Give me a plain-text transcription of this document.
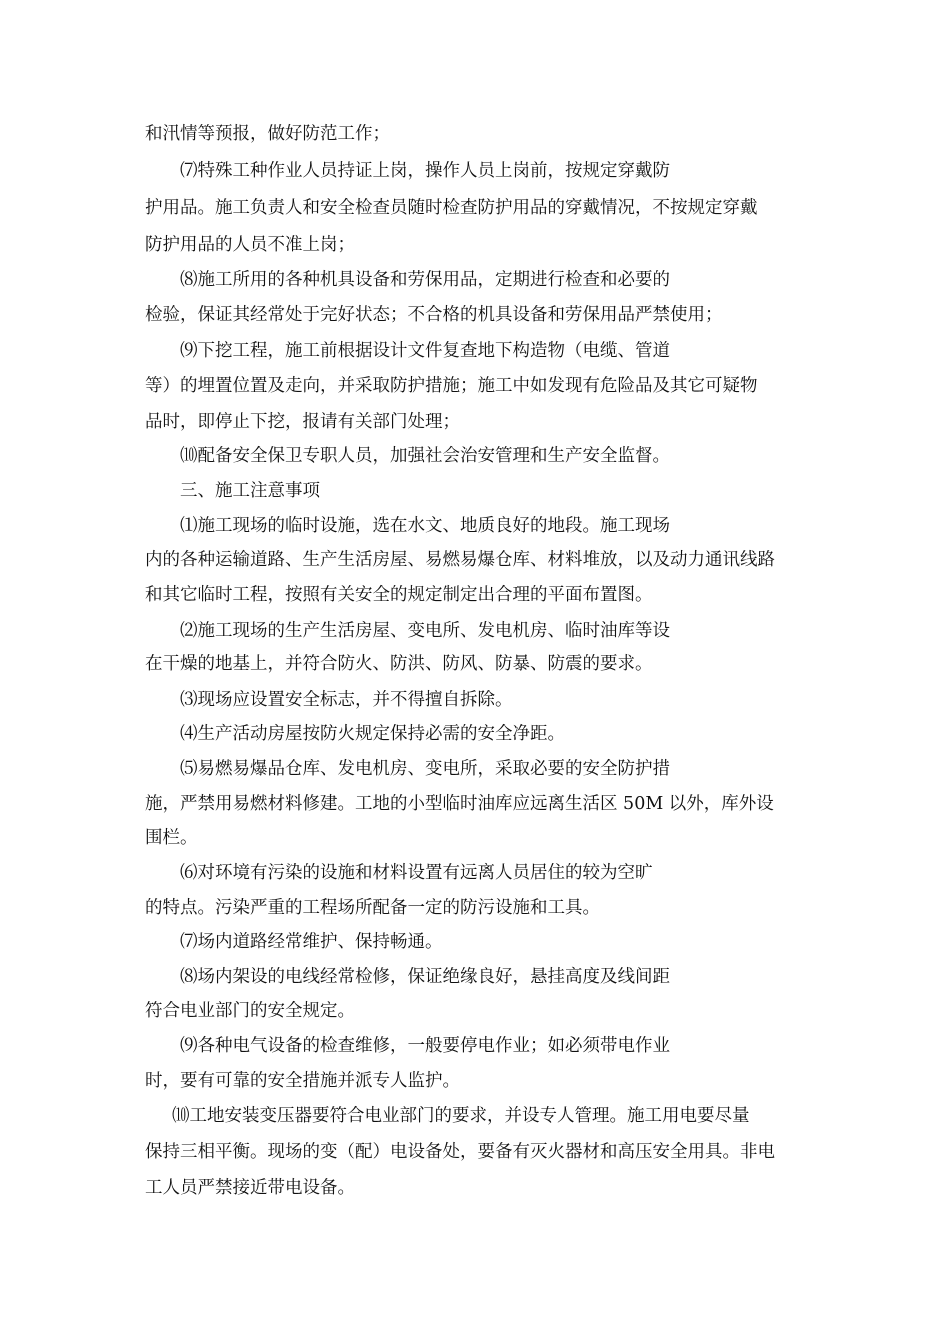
和汛情等预报，做好防范工作；
⑺特殊工种作业人员持证上岗，操作人员上岗前，按规定穿戴防
护用品。施工负责人和安全检查员随时检查防护用品的穿戴情况，不按规定穿戴
防护用品的人员不准上岗；
⑻施工所用的各种机具设备和劳保用品，定期进行检查和必要的
检验，保证其经常处于完好状态；不合格的机具设备和劳保用品严禁使用；
⑼下挖工程，施工前根据设计文件复查地下构造物（电缆、管道
等）的埋置位置及走向，并采取防护措施；施工中如发现有危险品及其它可疑物
品时，即停止下挖，报请有关部门处理；
⑽配备安全保卫专职人员，加强社会治安管理和生产安全监督。
三、施工注意事项
⑴施工现场的临时设施，选在水文、地质良好的地段。施工现场
内的各种运输道路、生产生活房屋、易燃易爆仓库、材料堆放，以及动力通讯线路
和其它临时工程，按照有关安全的规定制定出合理的平面布置图。
⑵施工现场的生产生活房屋、变电所、发电机房、临时油库等设
在干燥的地基上，并符合防火、防洪、防风、防暴、防震的要求。
⑶现场应设置安全标志，并不得擅自拆除。
⑷生产活动房屋按防火规定保持必需的安全净距。
⑸易燃易爆品仓库、发电机房、变电所，采取必要的安全防护措
施，严禁用易燃材料修建。工地的小型临时油库应远离生活区 50M 以外，库外设
围栏。
⑹对环境有污染的设施和材料设置有远离人员居住的较为空旷
的特点。污染严重的工程场所配备一定的防污设施和工具。
⑺场内道路经常维护、保持畅通。
⑻场内架设的电线经常检修，保证绝缘良好，悬挂高度及线间距
符合电业部门的安全规定。
⑼各种电气设备的检查维修，一般要停电作业；如必须带电作业
时，要有可靠的安全措施并派专人监护。
⑽工地安装变压器要符合电业部门的要求，并设专人管理。施工用电要尽量
保持三相平衡。现场的变（配）电设备处，要备有灭火器材和高压安全用具。非电
工人员严禁接近带电设备。
